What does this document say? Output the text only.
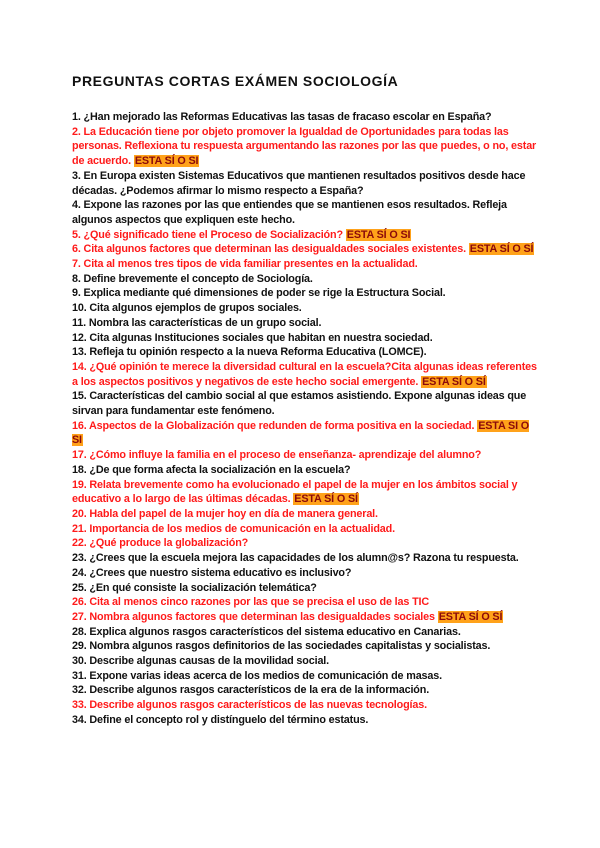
PREGUNTAS CORTAS EXÁMEN SOCIOLOGÍA
1. ¿Han mejorado las Reformas Educativas las tasas de fracaso escolar en España?
2. La Educación tiene por objeto promover la Igualdad de Oportunidades para todas las personas. Reflexiona tu respuesta argumentando las razones por las que puedes, o no, estar de acuerdo. ESTA SÍ O SI
3. En Europa existen Sistemas Educativos que mantienen resultados positivos desde hace décadas. ¿Podemos afirmar lo mismo respecto a España?
4. Expone las razones por las que entiendes que se mantienen esos resultados. Refleja algunos aspectos que expliquen este hecho.
5. ¿Qué significado tiene el Proceso de Socialización? ESTA SÍ O SI
6. Cita algunos factores que determinan las desigualdades sociales existentes. ESTA SÍ O SÍ
7. Cita al menos tres tipos de vida familiar presentes en la actualidad.
8. Define brevemente el concepto de Sociología.
9. Explica mediante qué dimensiones de poder se rige la Estructura Social.
10. Cita algunos ejemplos de grupos sociales.
11. Nombra las características de un grupo social.
12. Cita algunas Instituciones sociales que habitan en nuestra sociedad.
13. Refleja tu opinión respecto a la nueva Reforma Educativa (LOMCE).
14. ¿Qué opinión te merece la diversidad cultural en la escuela?Cita algunas ideas referentes a los aspectos positivos y negativos de este hecho social emergente. ESTA SÍ O SÍ
15. Características del cambio social al que estamos asistiendo. Expone algunas ideas que sirvan para fundamentar este fenómeno.
16. Aspectos de la Globalización que redunden de forma positiva en la sociedad. ESTA SI O SI
17. ¿Cómo influye la familia en el proceso de enseñanza- aprendizaje del alumno?
18. ¿De que forma afecta la socialización en la escuela?
19. Relata brevemente como ha evolucionado el papel de la mujer en los ámbitos social y educativo a lo largo de las últimas décadas. ESTA SÍ O SÍ
20. Habla del papel de la mujer hoy en día de manera general.
21. Importancia de los medios de comunicación en la actualidad.
22. ¿Qué produce la globalización?
23. ¿Crees que la escuela mejora las capacidades de los alumn@s? Razona tu respuesta.
24. ¿Crees que nuestro sistema educativo es inclusivo?
25. ¿En qué consiste la socialización telemática?
26. Cita al menos cinco razones por las que se precisa el uso de las TIC
27. Nombra algunos factores que determinan las desigualdades sociales ESTA SÍ O SÍ
28. Explica algunos rasgos característicos del sistema educativo en Canarias.
29. Nombra algunos rasgos definitorios de las sociedades capitalistas y socialistas.
30. Describe algunas causas de la movilidad social.
31. Expone varias ideas acerca de los medios de comunicación de masas.
32. Describe algunos rasgos característicos de la era de la información.
33. Describe algunos rasgos característicos de las nuevas tecnologías.
34. Define el concepto rol y distínguelo del término estatus.
